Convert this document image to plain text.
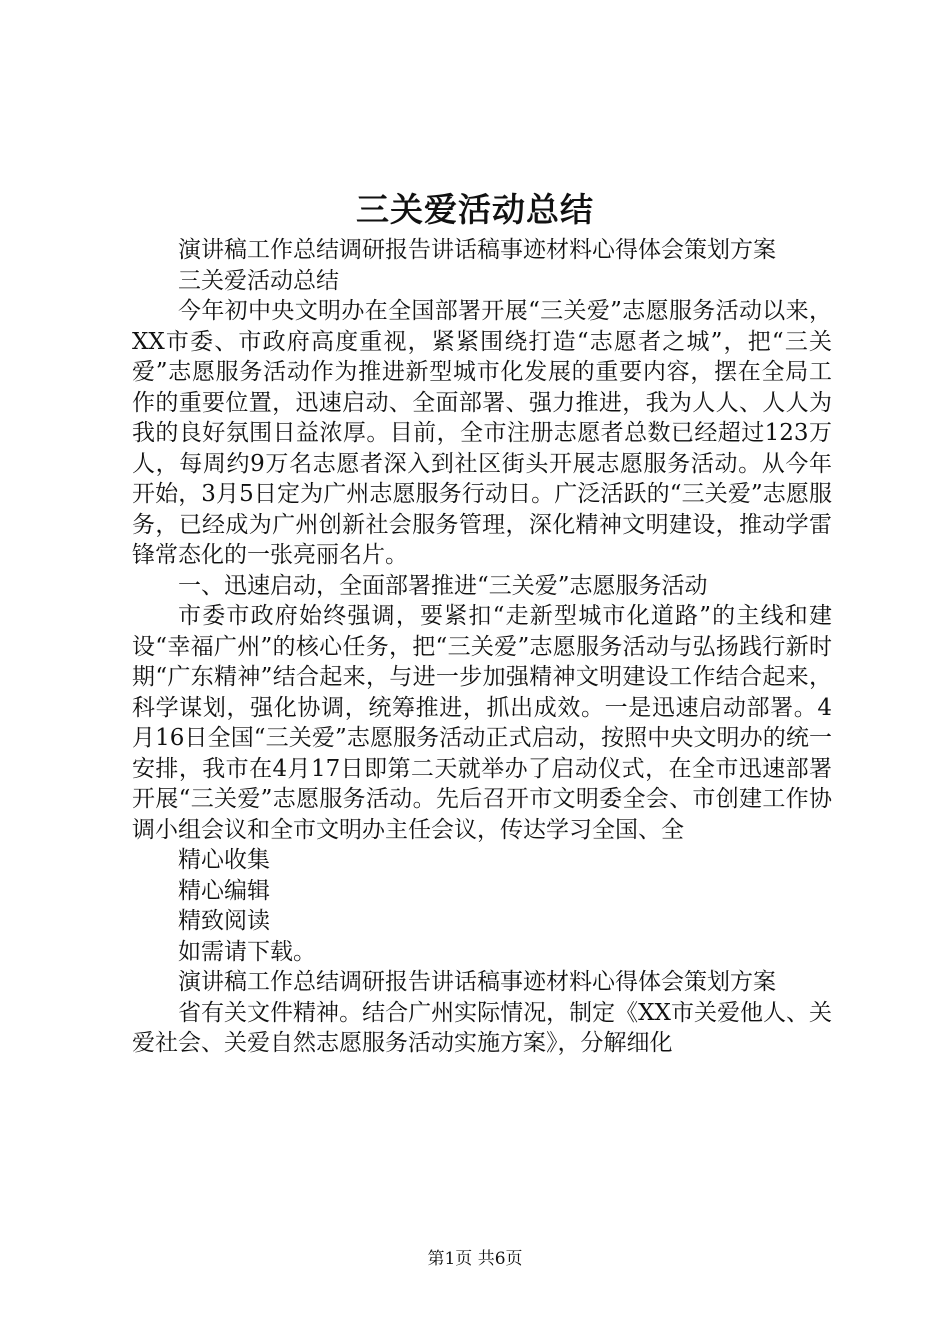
三关爱活动总结

演讲稿工作总结调研报告讲话稿事迹材料心得体会策划方案

三关爱活动总结

今年初中央文明办在全国部署开展“三关爱”志愿服务活动以来，XX市委、市政府高度重视，紧紧围绕打造“志愿者之城”，把“三关爱”志愿服务活动作为推进新型城市化发展的重要内容，摆在全局工作的重要位置，迅速启动、全面部署、强力推进，我为人人、人人为我的良好氛围日益浓厚。目前，全市注册志愿者总数已经超过123万人，每周约9万名志愿者深入到社区街头开展志愿服务活动。从今年开始，3月5日定为广州志愿服务行动日。广泛活跃的“三关爱”志愿服务，已经成为广州创新社会服务管理，深化精神文明建设，推动学雷锋常态化的一张亮丽名片。

一、迅速启动，全面部署推进“三关爱”志愿服务活动

市委市政府始终强调，要紧扣“走新型城市化道路”的主线和建设“幸福广州”的核心任务，把“三关爱”志愿服务活动与弘扬践行新时期“广东精神”结合起来，与进一步加强精神文明建设工作结合起来，科学谋划，强化协调，统筹推进，抓出成效。一是迅速启动部署。4月16日全国“三关爱”志愿服务活动正式启动，按照中央文明办的统一安排，我市在4月17日即第二天就举办了启动仪式，在全市迅速部署开展“三关爱”志愿服务活动。先后召开市文明委全会、市创建工作协调小组会议和全市文明办主任会议，传达学习全国、全

精心收集

精心编辑

精致阅读

如需请下载。

演讲稿工作总结调研报告讲话稿事迹材料心得体会策划方案

省有关文件精神。结合广州实际情况，制定《XX市关爱他人、关爱社会、关爱自然志愿服务活动实施方案》，分解细化

第1页 共6页
